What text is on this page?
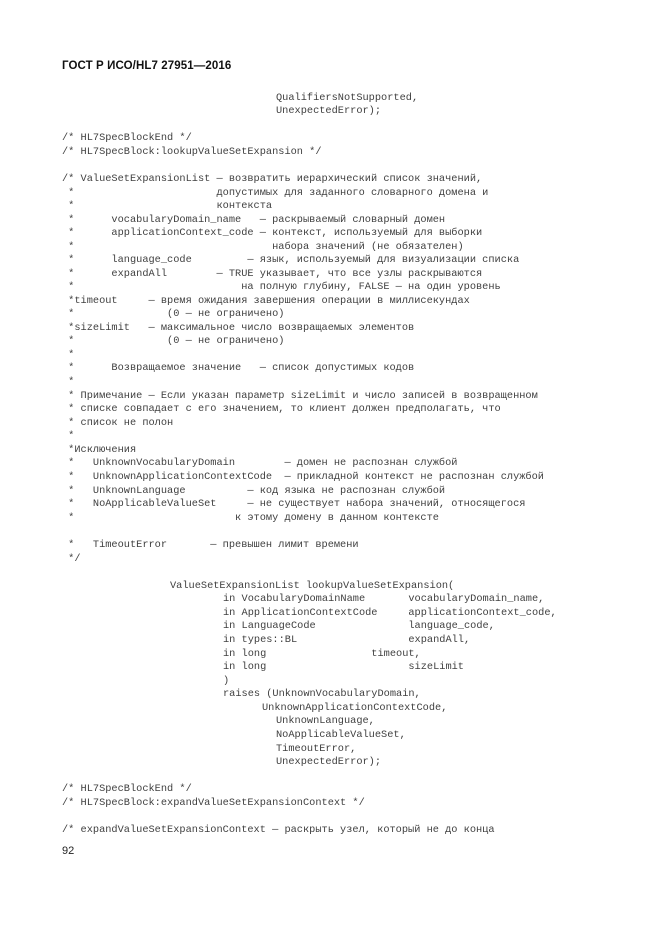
ГОСТ Р ИСО/HL7 27951—2016
QualifiersNotSupported,
UnexpectedError);
/* HL7SpecBlockEnd */
/* HL7SpecBlock:lookupValueSetExpansion */
/* ValueSetExpansionList — возвратить иерархический список значений,
*                       допустимых для заданного словарного домена и
*                       контекста
*      vocabularyDomain_name   — раскрываемый словарный домен
*      applicationContext_code — контекст, используемый для выборки
*                                набора значений (не обязателен)
*      language_code         — язык, используемый для визуализации списка
*      expandAll        — TRUE указывает, что все узлы раскрываются
*                           на полную глубину, FALSE — на один уровень
*timeout     — время ожидания завершения операции в миллисекундах
*               (0 — не ограничено)
*sizeLimit   — максимальное число возвращаемых элементов
*               (0 — не ограничено)
*
*      Возвращаемое значение   — список допустимых кодов
*
* Примечание — Если указан параметр sizeLimit и число записей в возвращенном
* списке совпадает с его значением, то клиент должен предполагать, что
* список не полон
*
*Исключения
*   UnknownVocabularyDomain        — домен не распознан службой
*   UnknownApplicationContextCode  — прикладной контекст не распознан службой
*   UnknownLanguage          — код языка не распознан службой
*   NoApplicableValueSet     — не существует набора значений, относящегося
*                          к этому домену в данном контексте
*   TimeoutError       — превышен лимит времени
*/
ValueSetExpansionList lookupValueSetExpansion(
in VocabularyDomainName       vocabularyDomain_name,
in ApplicationContextCode     applicationContext_code,
in LanguageCode               language_code,
in types::BL                  expandAll,
in long                 timeout,
in long                       sizeLimit
)
raises (UnknownVocabularyDomain,
UnknownApplicationContextCode,
UnknownLanguage,
NoApplicableValueSet,
TimeoutError,
UnexpectedError);
/* HL7SpecBlockEnd */
/* HL7SpecBlock:expandValueSetExpansionContext */
/* expandValueSetExpansionContext — раскрыть узел, который не до конца
92
